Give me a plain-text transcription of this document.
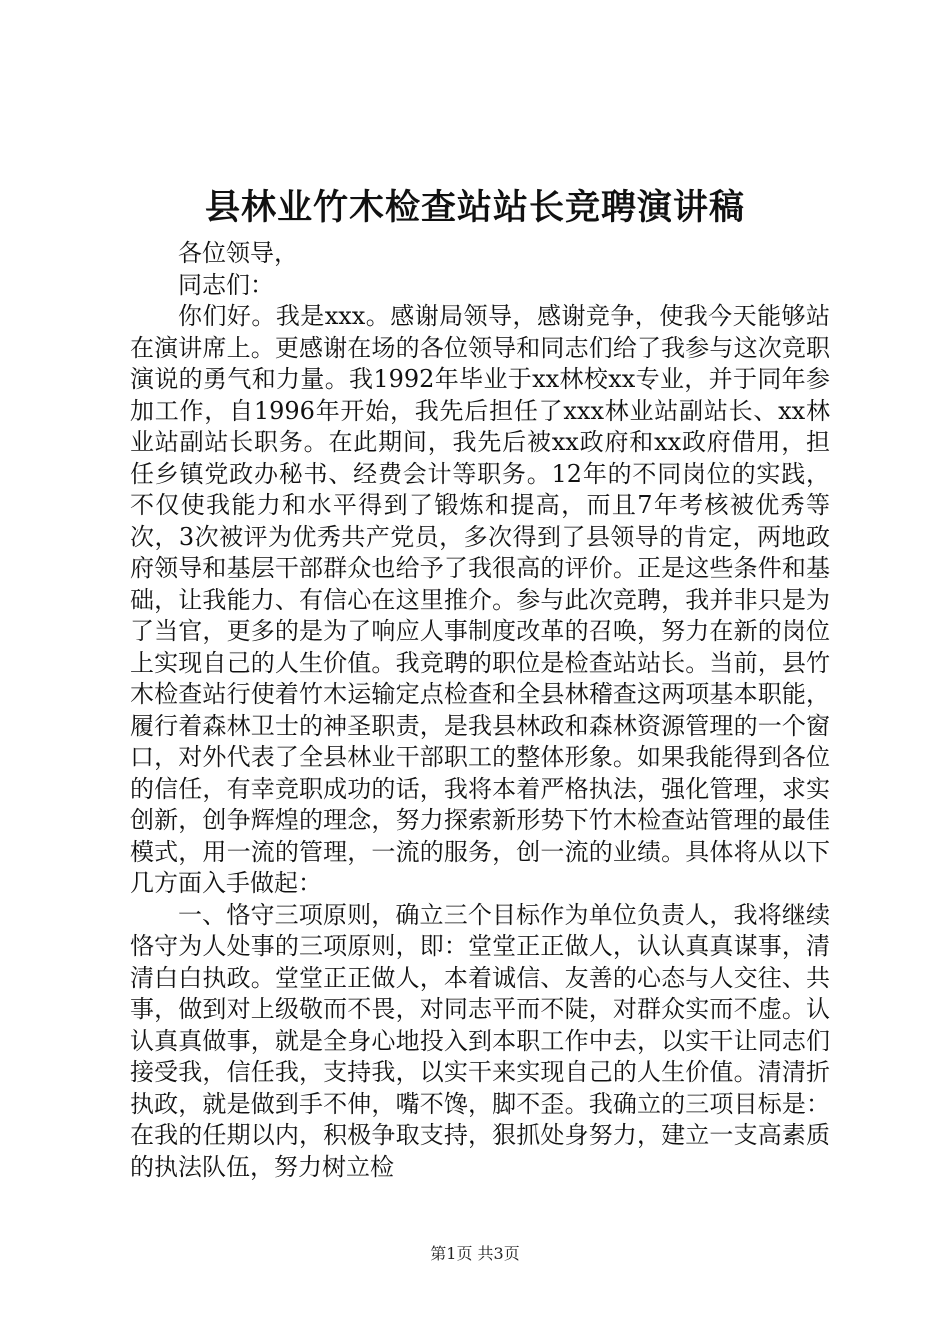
县林业竹木检查站站长竞聘演讲稿

各位领导，

同志们：

你们好。我是xxx。感谢局领导，感谢竞争，使我今天能够站在演讲席上。更感谢在场的各位领导和同志们给了我参与这次竞职演说的勇气和力量。我1992年毕业于xx林校xx专业，并于同年参加工作，自1996年开始，我先后担任了xxx林业站副站长、xx林业站副站长职务。在此期间，我先后被xx政府和xx政府借用，担任乡镇党政办秘书、经费会计等职务。12年的不同岗位的实践，不仅使我能力和水平得到了锻炼和提高，而且7年考核被优秀等次，3次被评为优秀共产党员，多次得到了县领导的肯定，两地政府领导和基层干部群众也给予了我很高的评价。正是这些条件和基础，让我能力、有信心在这里推介。参与此次竞聘，我并非只是为了当官，更多的是为了响应人事制度改革的召唤，努力在新的岗位上实现自己的人生价值。我竞聘的职位是检查站站长。当前，县竹木检查站行使着竹木运输定点检查和全县林稽查这两项基本职能，履行着森林卫士的神圣职责，是我县林政和森林资源管理的一个窗口，对外代表了全县林业干部职工的整体形象。如果我能得到各位的信任，有幸竞职成功的话，我将本着严格执法，强化管理，求实创新，创争辉煌的理念，努力探索新形势下竹木检查站管理的最佳模式，用一流的管理，一流的服务，创一流的业绩。具体将从以下几方面入手做起：

一、恪守三项原则，确立三个目标作为单位负责人，我将继续恪守为人处事的三项原则，即：堂堂正正做人，认认真真谋事，清清白白执政。堂堂正正做人，本着诚信、友善的心态与人交往、共事，做到对上级敬而不畏，对同志平而不陡，对群众实而不虚。认认真真做事，就是全身心地投入到本职工作中去，以实干让同志们接受我，信任我，支持我，以实干来实现自己的人生价值。清清折执政，就是做到手不伸，嘴不馋，脚不歪。我确立的三项目标是：在我的任期以内，积极争取支持，狠抓处身努力，建立一支高素质的执法队伍，努力树立检

第1页 共3页
